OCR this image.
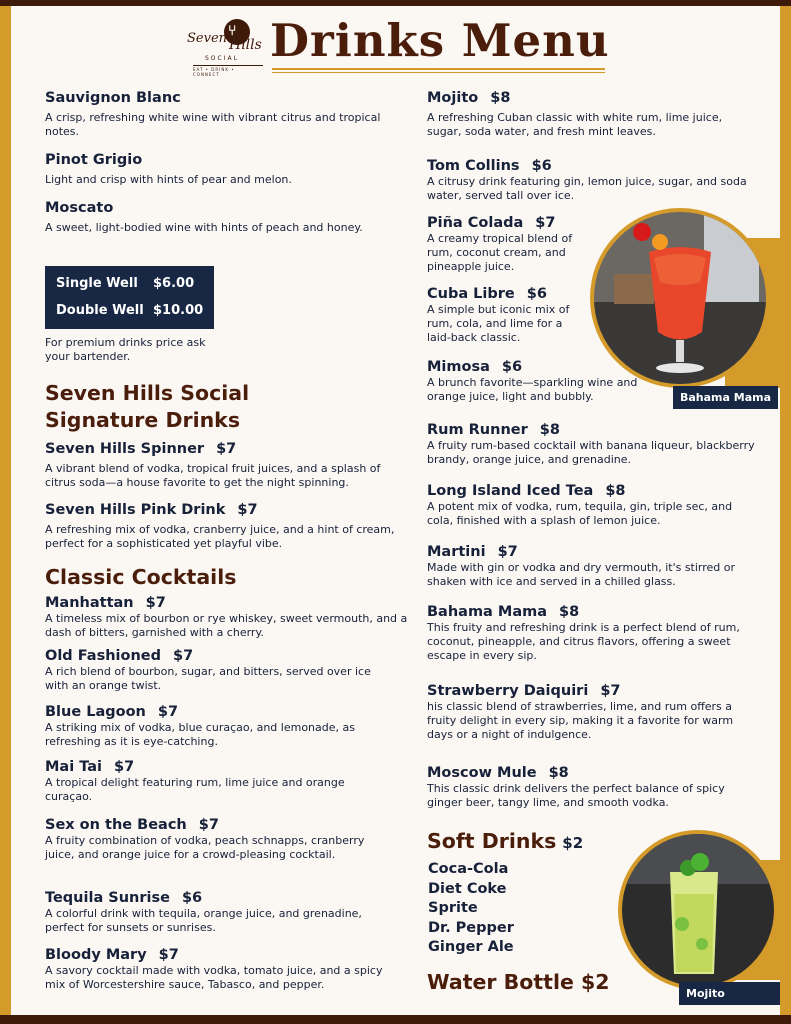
⑂
Seven Hills
SOCIAL
EAT • DRINK • CONNECT
Drinks Menu
Sauvignon Blanc
A crisp, refreshing white wine with vibrant citrus and tropical notes.
Pinot Grigio
Light and crisp with hints of pear and melon.
Moscato
A sweet, light-bodied wine with hints of peach and honey.
Single Well $6.00
Double Well $10.00
For premium drinks price ask your bartender.
Seven Hills Social Signature Drinks
Seven Hills Spinner $7
A vibrant blend of vodka, tropical fruit juices, and a splash of citrus soda—a house favorite to get the night spinning.
Seven Hills Pink Drink $7
A refreshing mix of vodka, cranberry juice, and a hint of cream, perfect for a sophisticated yet playful vibe.
Classic Cocktails
Manhattan $7
A timeless mix of bourbon or rye whiskey, sweet vermouth, and a dash of bitters, garnished with a cherry.
Old Fashioned $7
A rich blend of bourbon, sugar, and bitters, served over ice with an orange twist.
Blue Lagoon $7
A striking mix of vodka, blue curaçao, and lemonade, as refreshing as it is eye-catching.
Mai Tai $7
A tropical delight featuring rum, lime juice and orange curaçao.
Sex on the Beach $7
A fruity combination of vodka, peach schnapps, cranberry juice, and orange juice for a crowd-pleasing cocktail.
Tequila Sunrise $6
A colorful drink with tequila, orange juice, and grenadine, perfect for sunsets or sunrises.
Bloody Mary $7
A savory cocktail made with vodka, tomato juice, and a spicy mix of Worcestershire sauce, Tabasco, and pepper.
Mojito $8
A refreshing Cuban classic with white rum, lime juice, sugar, soda water, and fresh mint leaves.
Tom Collins $6
A citrusy drink featuring gin, lemon juice, sugar, and soda water, served tall over ice.
Piña Colada $7
A creamy tropical blend of rum, coconut cream, and pineapple juice.
Cuba Libre $6
A simple but iconic mix of rum, cola, and lime for a laid-back classic.
Mimosa $6
A brunch favorite—sparkling wine and orange juice, light and bubbly.
Rum Runner $8
A fruity rum-based cocktail with banana liqueur, blackberry brandy, orange juice, and grenadine.
Long Island Iced Tea $8
A potent mix of vodka, rum, tequila, gin, triple sec, and cola, finished with a splash of lemon juice.
Martini $7
Made with gin or vodka and dry vermouth, it's stirred or shaken with ice and served in a chilled glass.
Bahama Mama $8
This fruity and refreshing drink is a perfect blend of rum, coconut, pineapple, and citrus flavors, offering a sweet escape in every sip.
Strawberry Daiquiri $7
his classic blend of strawberries, lime, and rum offers a fruity delight in every sip, making it a favorite for warm days or a night of indulgence.
Moscow Mule $8
This classic drink delivers the perfect balance of spicy ginger beer, tangy lime, and smooth vodka.
Bahama Mama
Soft Drinks $2
Coca-Cola
Diet Coke
Sprite
Dr. Pepper
Ginger Ale
Water Bottle $2	Mojito
